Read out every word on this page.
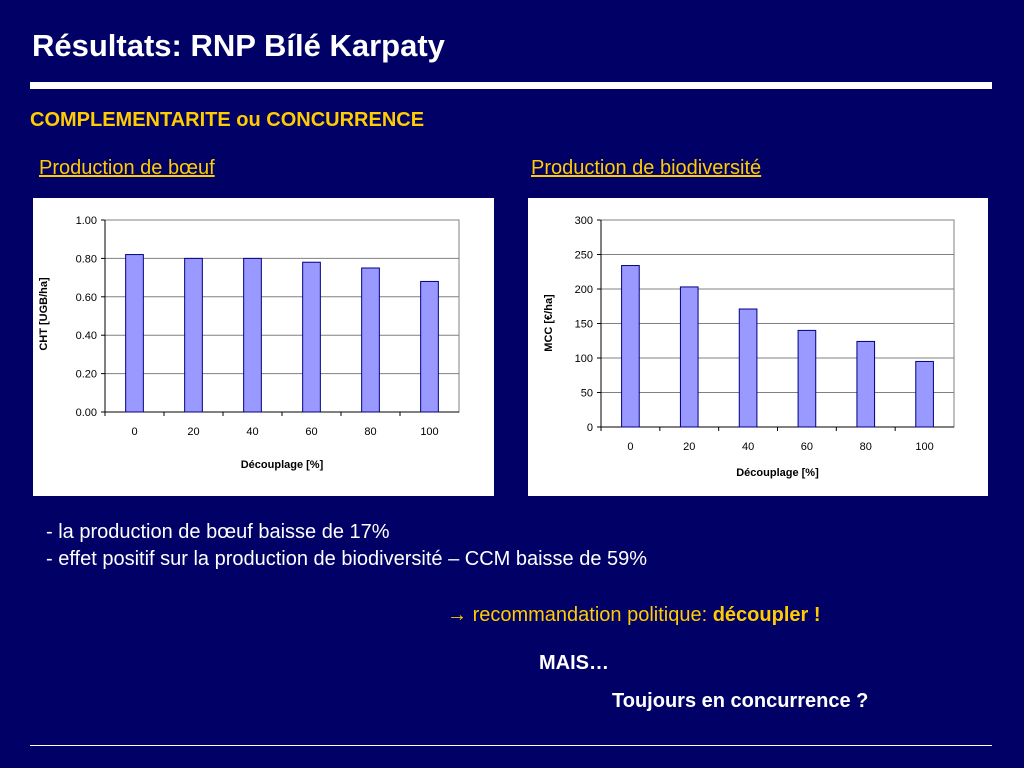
Résultats: RNP Bílé Karpaty
COMPLEMENTARITE ou CONCURRENCE
Production de bœuf	Production de biodiversité
0.00
0.20
0.40
0.60
0.80
1.00
0	20	40	60	80	100
Découplage [%]
CHT [UGB/ha]
0
50
100
150
200
250
300
0	20	40	60	80	100
Découplage [%]
MCC [€/ha]
- la production de bœuf baisse de 17%
- effet positif sur la production de biodiversité – CCM baisse de 59%
→ recommandation politique: découpler !
MAIS…
Toujours en concurrence ?
